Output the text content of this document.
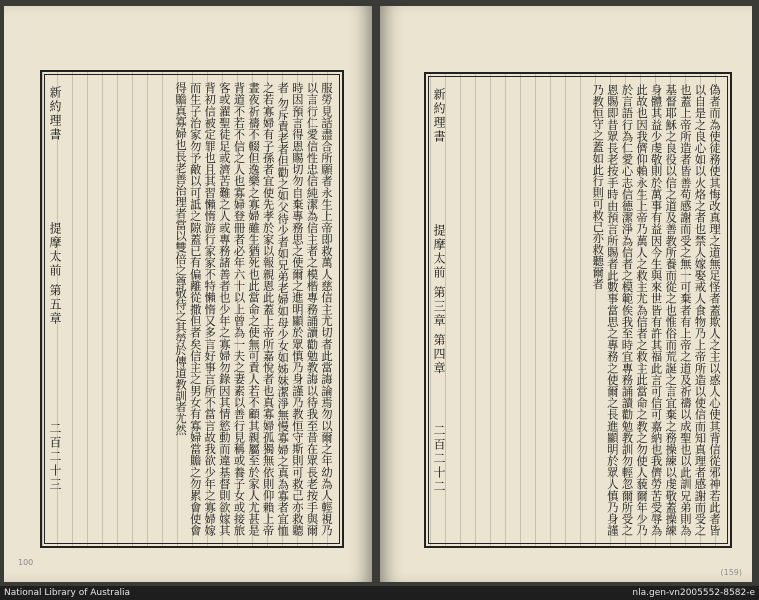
服勞見話盡合所願者永生上帝即救萬人慈信主尤切者此當誨論焉勿以爾之年幼為人輕視乃以言行仁愛信性忠信純潔為信主者之模楷專務誦讀勸勉教誨以待我至昔在眾長老按手與爾時因預言得恩賜切勿自棄專務思之使爾之進明顯於眾慎乃身謹乃教恒守斯則可救己亦救聽者 勿斥責老者但勸之如父待少者如兄弟老婦如母少女如姊妹潔淨無慢寡婦之真為寡者宜恤之若寡婦有子孫者宜使先孝於家以報親恩此蓋上帝所嘉悅者也真寡婦孤獨無依則仰賴上帝晝夜祈禱不輟但逸樂之寡婦雖生猶死也此當命之使無可責人若不顧其親屬至於家人尤甚是背道不若不信之人也寡婦登冊者必年六十以上曾為一夫之妻素以善行見稱或養子女或接旅客或濯聖徒足或濟苦難之人或專務諸善者也少年之寡婦勿錄因其情慾動而違基督則欲嫁其背初信被定罪也且其習懶惰游行家家不特懶惰又多言好事言所不當言故我欲少年之寡婦嫁而生子治家勿予敵以可詆之隙蓋已有偏離從撒但者矣信主之男女有寡婦當贍之勿累會使會得贍真寡婦也長老善治理者當以雙倍之尊敬待之其勞於傳道教訓者尤然
新約理書
提摩太前 第五章
二百二十三
100
偽者而為使徒務使其悔改真理之道無足怪者蓋欺人之主以惑人心使其背信從邪神若此者皆以自是之良心如以火烙之者也禁人嫁娶戒人食物乃上帝所造以使信而知真理者感謝而受之也蓋上帝所造者皆善苟感謝而受之無一可棄者有上帝之道及祈禱以成聖也以此訓兄弟則為基督耶穌之良役以信之道及善教所養而從之也惟俗而荒誕之言宜棄之務操練以虔敬蓋操練身體其益少虔敬則於萬事有益因今生與來世皆有許其福此言可信可嘉納也我儕勞苦受辱為此故也因我儕仰賴永生上帝乃萬人之救主尤為信者之救主此當命之教之勿使人藐爾年少乃於言語行為仁愛心志信德潔淨為信者之模範俟我至時宜專務誦讀勸勉教訓勿輕忽爾所受之恩賜即昔眾長老按手時由預言所賜者此數事當思之專務之使爾之長進顯明於眾人慎乃身謹乃教恒守之蓋如此行則可救己亦救聽爾者
新約理書
提摩太前 第三章 第四章
二百二十二
(159)
National Library of Australia	nla.gen-vn2005552-8582-e
